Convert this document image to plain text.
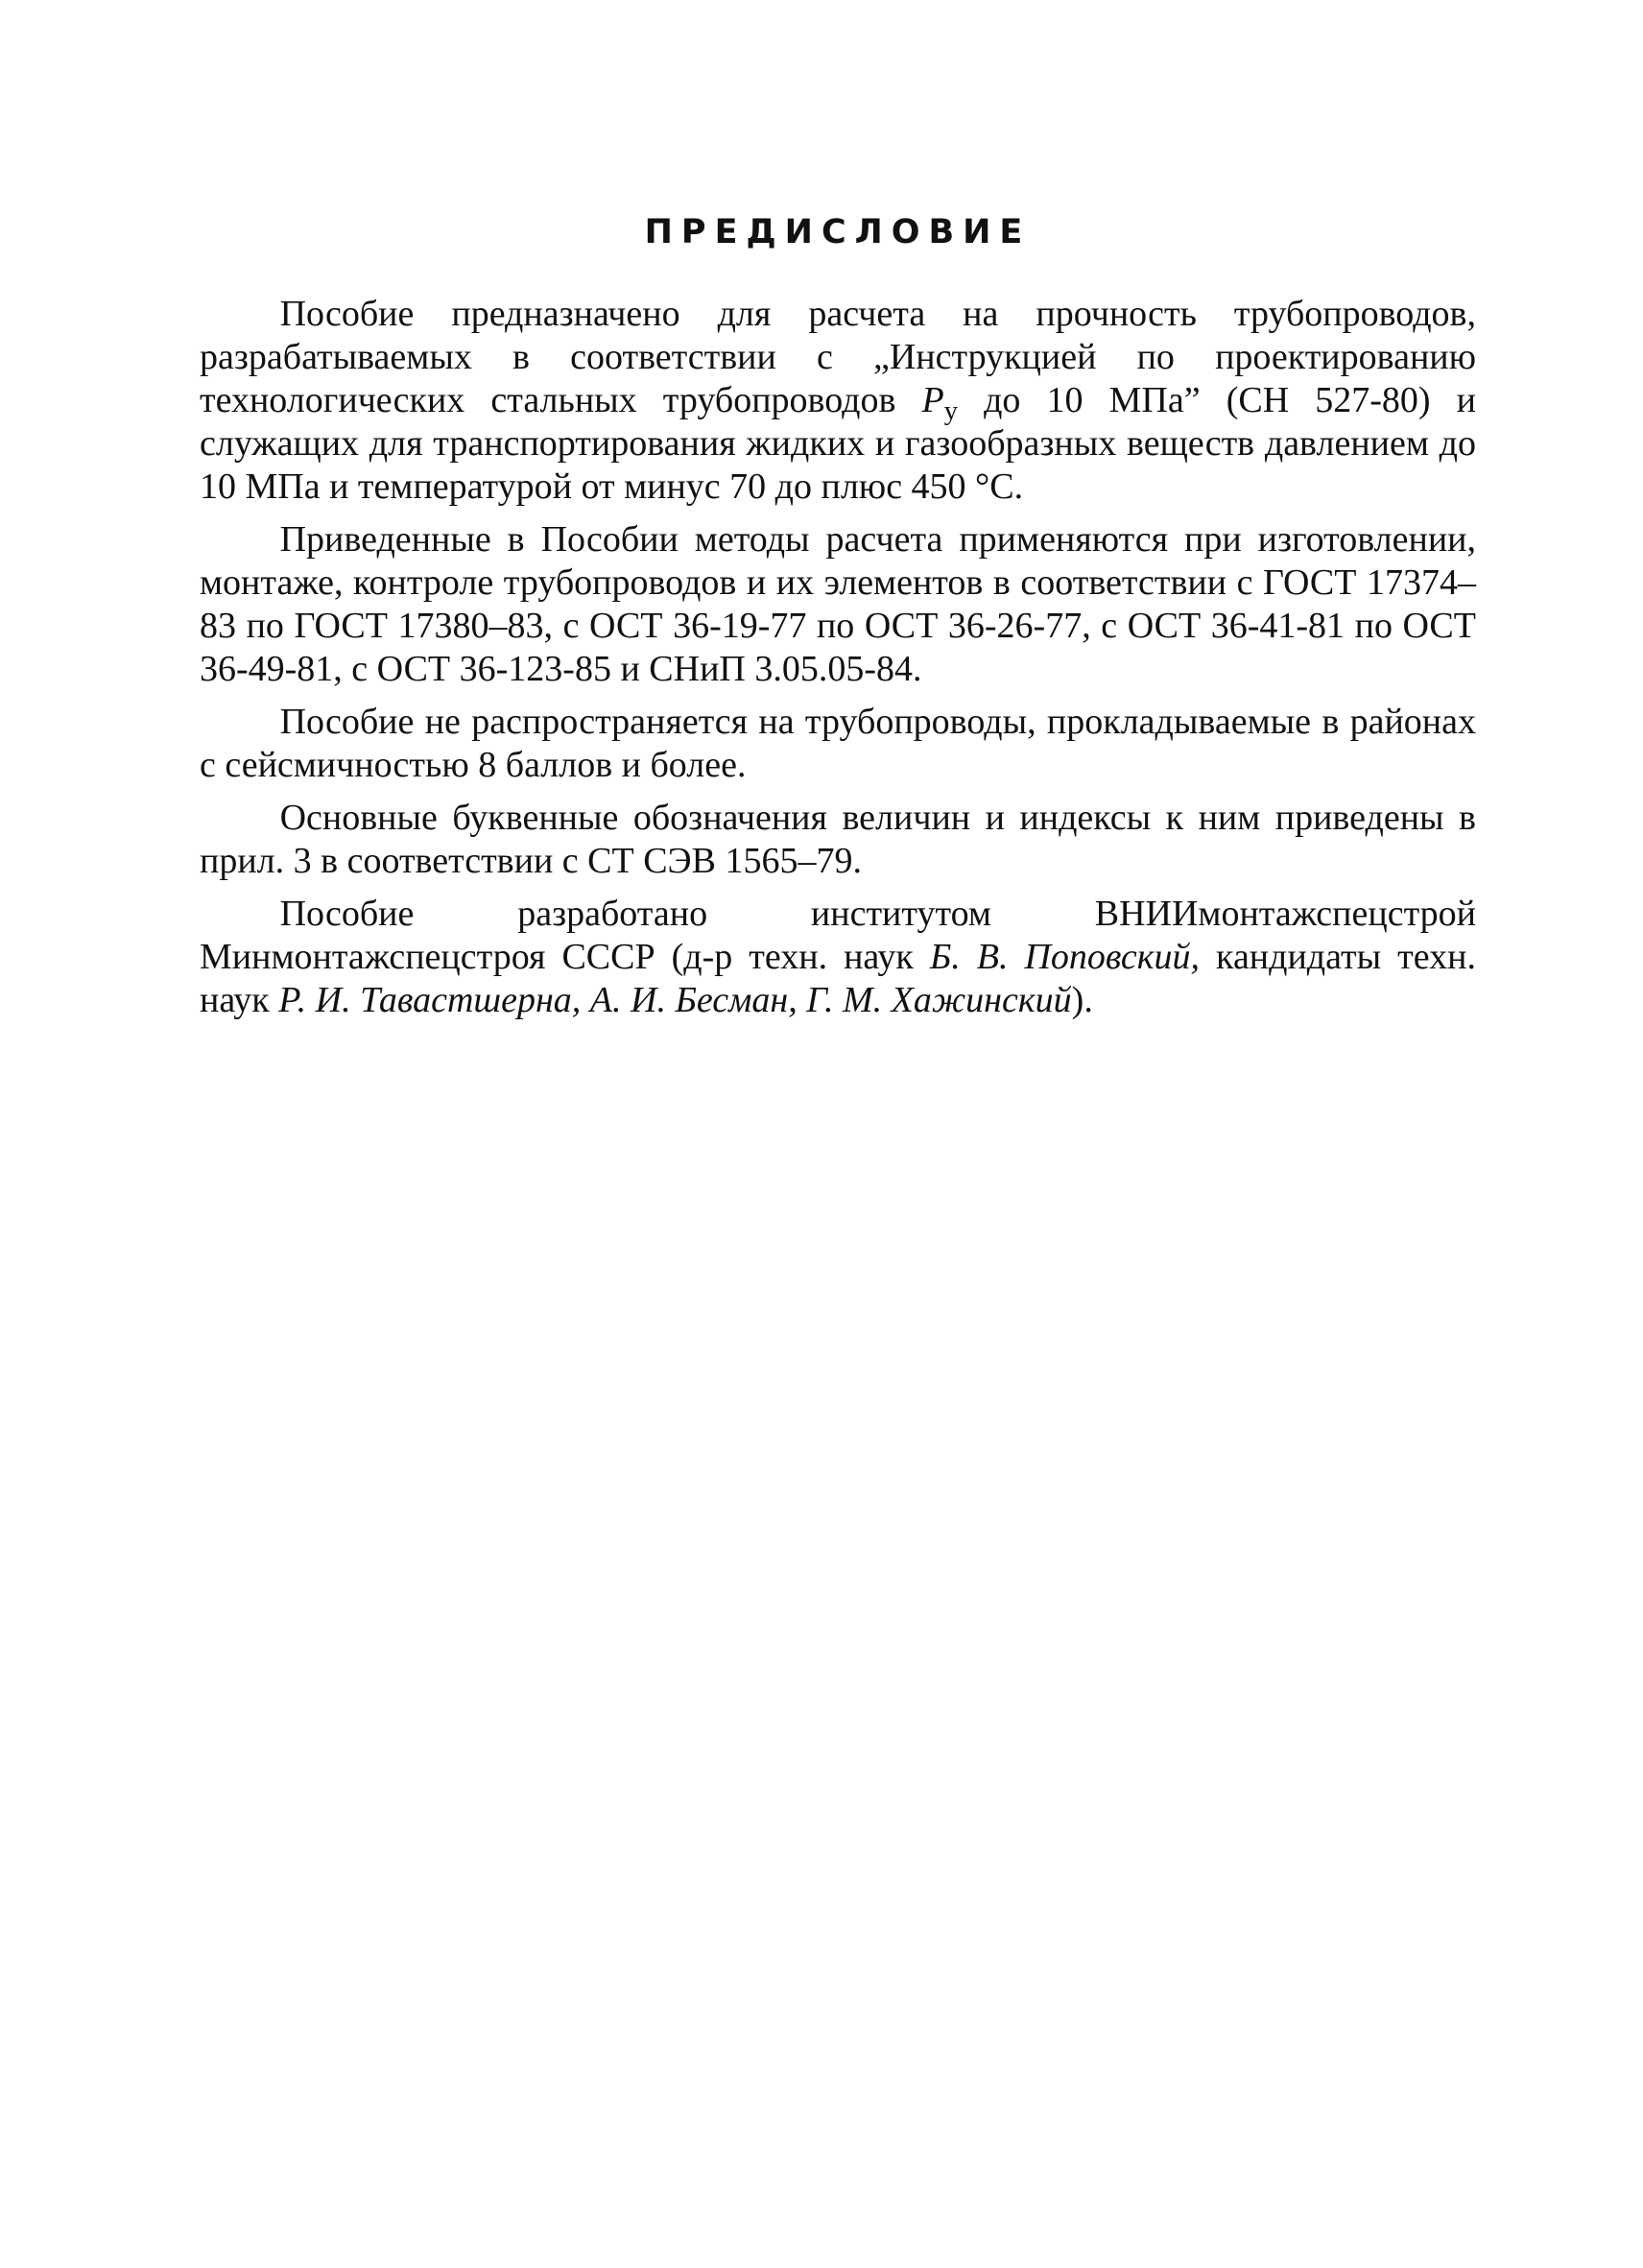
ПРЕДИСЛОВИЕ

Пособие предназначено для расчета на прочность трубопроводов, разрабатываемых в соответствии с „Инструкцией по проектированию технологических стальных трубопроводов $P_у$ до 10 МПа” (СН 527-80) и служащих для транспортирования жидких и газообразных веществ давлением до 10 МПа и температурой от минус 70 до плюс 450 °С.

Приведенные в Пособии методы расчета применяются при изготовлении, монтаже, контроле трубопроводов и их элементов в соответствии с ГОСТ 17374–83 по ГОСТ 17380–83, с ОСТ 36-19-77 по ОСТ 36-26-77, с ОСТ 36-41-81 по ОСТ 36-49-81, с ОСТ 36-123-85 и СНиП 3.05.05-84.

Пособие не распространяется на трубопроводы, прокладываемые в районах с сейсмичностью 8 баллов и более.

Основные буквенные обозначения величин и индексы к ним приведены в прил. 3 в соответствии с СТ СЭВ 1565–79.

Пособие разработано институтом ВНИИмонтажспецстрой Минмонтажспецстроя СССР (д-р техн. наук Б. В. Поповский, кандидаты техн. наук Р. И. Тавастшерна, А. И. Бесман, Г. М. Хажинский).
